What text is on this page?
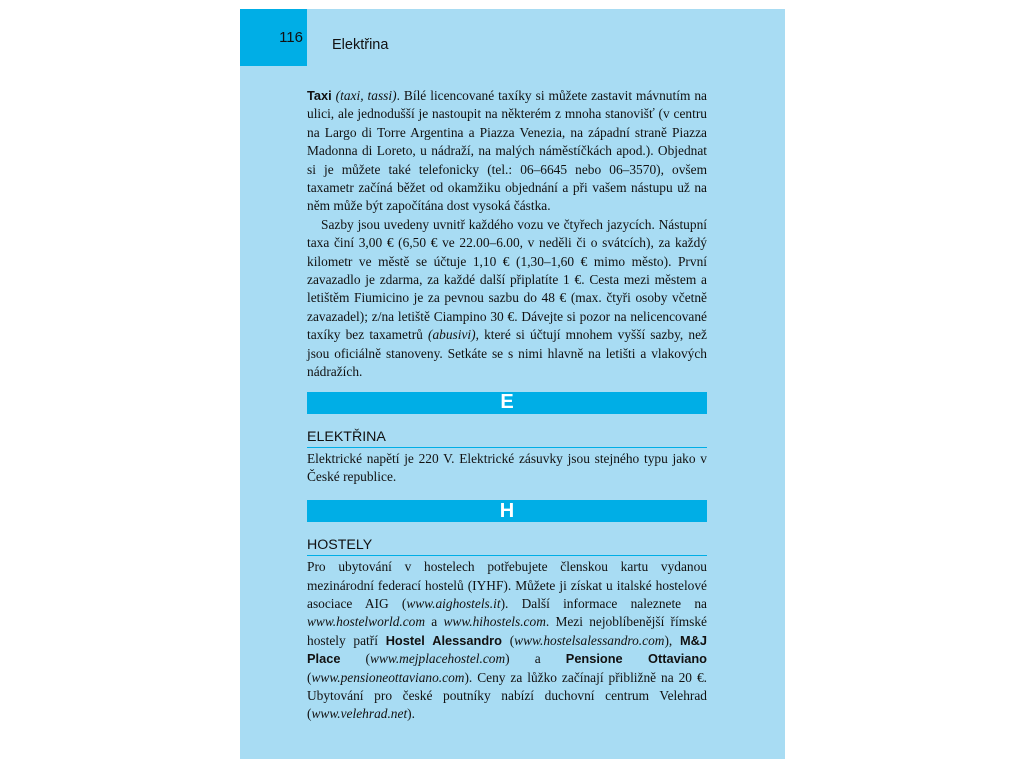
116 Elektřina

Taxi (taxi, tassi). Bílé licencované taxíky si můžete zastavit mávnutím na ulici, ale jednodušší je nastoupit na některém z mnoha stanovišť (v centru na Largo di Torre Argentina a Piazza Venezia, na západní straně Piazza Madonna di Loreto, u nádraží, na malých náměstíčkách apod.). Objednat si je můžete také telefonicky (tel.: 06–6645 nebo 06–3570), ovšem taxametr začíná běžet od okamžiku objednání a při vašem nástupu už na něm může být započítána dost vysoká částka.

Sazby jsou uvedeny uvnitř každého vozu ve čtyřech jazycích. Nástupní taxa činí 3,00 € (6,50 € ve 22.00–6.00, v neděli či o svátcích), za každý kilometr ve městě se účtuje 1,10 € (1,30–1,60 € mimo město). První zavazadlo je zdarma, za každé další připlatíte 1 €. Cesta mezi městem a letištěm Fiumicino je za pevnou sazbu do 48 € (max. čtyři osoby včetně zavazadel); z/na letiště Ciampino 30 €. Dávejte si pozor na nelicencované taxíky bez taxametrů (abusivi), které si účtují mnohem vyšší sazby, než jsou oficiálně stanoveny. Setkáte se s nimi hlavně na letišti a vlakových nádražích.

E
ELEKTŘINA

Elektrické napětí je 220 V. Elektrické zásuvky jsou stejného typu jako v České republice.

H
HOSTELY

Pro ubytování v hostelech potřebujete členskou kartu vydanou mezinárodní federací hostelů (IYHF). Můžete ji získat u italské hostelové asociace AIG (www.aighostels.it). Další informace naleznete na www.hostelworld.com a www.hihostels.com. Mezi nejoblíbenější římské hostely patří Hostel Alessandro (www.hostelsalessandro.com), M&J Place (www.mejplacehostel.com) a Pensione Ottaviano (www.pensioneottaviano.com). Ceny za lůžko začínají přibližně na 20 €. Ubytování pro české poutníky nabízí duchovní centrum Velehrad (www.velehrad.net).
